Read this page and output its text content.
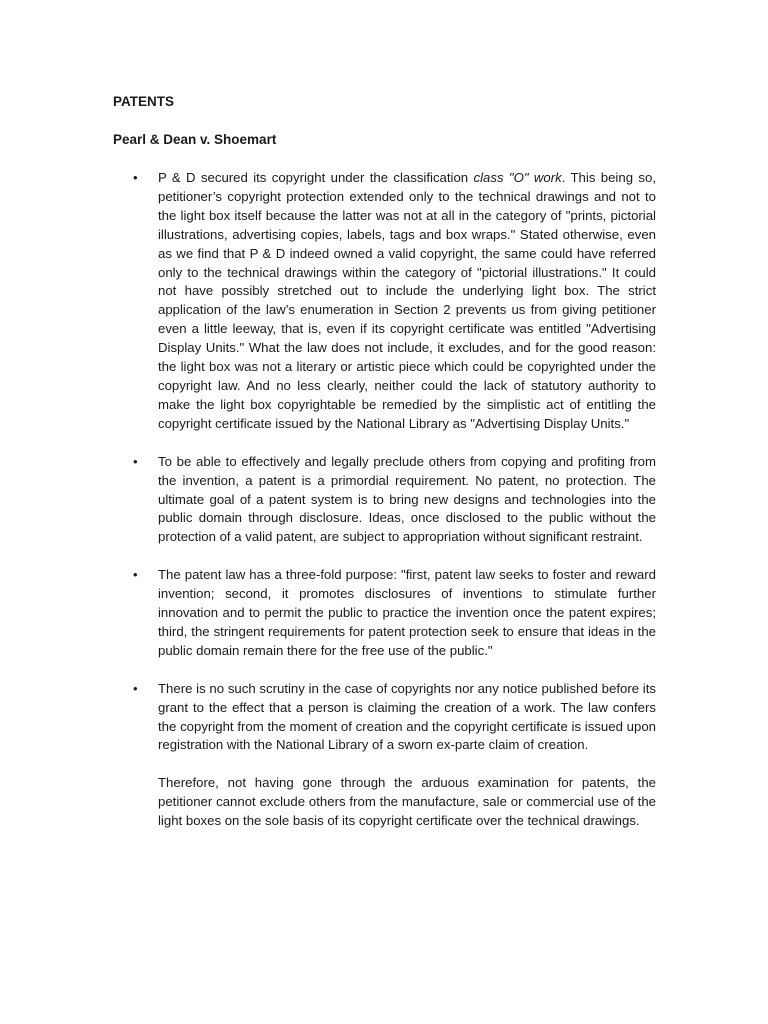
PATENTS

Pearl & Dean v. Shoemart

• P & D secured its copyright under the classification class "O" work. This being so, petitioner’s copyright protection extended only to the technical drawings and not to the light box itself because the latter was not at all in the category of "prints, pictorial illustrations, advertising copies, labels, tags and box wraps." Stated otherwise, even as we find that P & D indeed owned a valid copyright, the same could have referred only to the technical drawings within the category of "pictorial illustrations." It could not have possibly stretched out to include the underlying light box. The strict application of the law’s enumeration in Section 2 prevents us from giving petitioner even a little leeway, that is, even if its copyright certificate was entitled "Advertising Display Units." What the law does not include, it excludes, and for the good reason: the light box was not a literary or artistic piece which could be copyrighted under the copyright law. And no less clearly, neither could the lack of statutory authority to make the light box copyrightable be remedied by the simplistic act of entitling the copyright certificate issued by the National Library as "Advertising Display Units."

• To be able to effectively and legally preclude others from copying and profiting from the invention, a patent is a primordial requirement. No patent, no protection. The ultimate goal of a patent system is to bring new designs and technologies into the public domain through disclosure. Ideas, once disclosed to the public without the protection of a valid patent, are subject to appropriation without significant restraint.

• The patent law has a three-fold purpose: "first, patent law seeks to foster and reward invention; second, it promotes disclosures of inventions to stimulate further innovation and to permit the public to practice the invention once the patent expires; third, the stringent requirements for patent protection seek to ensure that ideas in the public domain remain there for the free use of the public."

• There is no such scrutiny in the case of copyrights nor any notice published before its grant to the effect that a person is claiming the creation of a work. The law confers the copyright from the moment of creation and the copyright certificate is issued upon registration with the National Library of a sworn ex-parte claim of creation.

Therefore, not having gone through the arduous examination for patents, the petitioner cannot exclude others from the manufacture, sale or commercial use of the light boxes on the sole basis of its copyright certificate over the technical drawings.
